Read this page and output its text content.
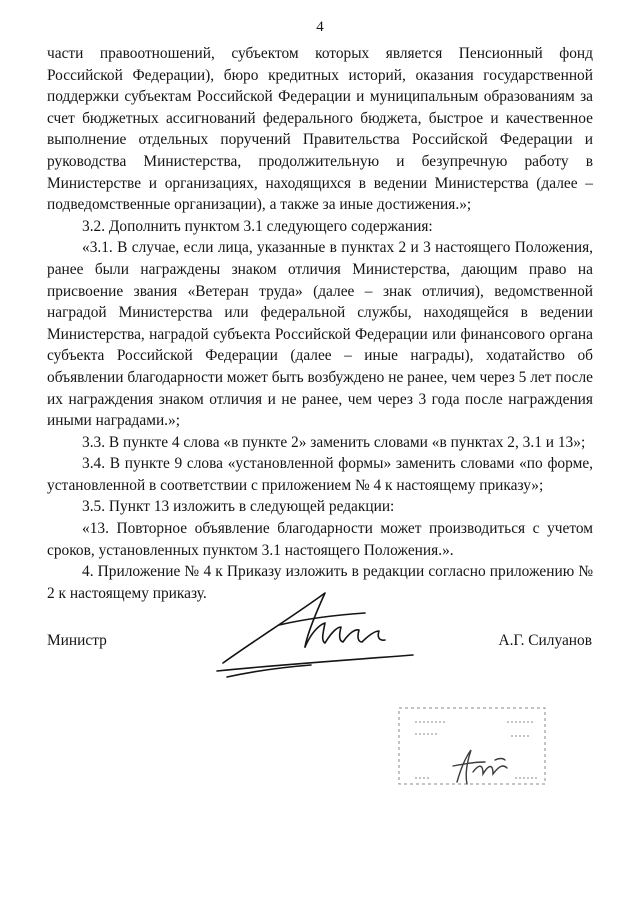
4

части правоотношений, субъектом которых является Пенсионный фонд Российской Федерации), бюро кредитных историй, оказания государственной поддержки субъектам Российской Федерации и муниципальным образованиям за счет бюджетных ассигнований федерального бюджета, быстрое и качественное выполнение отдельных поручений Правительства Российской Федерации и руководства Министерства, продолжительную и безупречную работу в Министерстве и организациях, находящихся в ведении Министерства (далее – подведомственные организации), а также за иные достижения.»;

3.2. Дополнить пунктом 3.1 следующего содержания:

«3.1. В случае, если лица, указанные в пунктах 2 и 3 настоящего Положения, ранее были награждены знаком отличия Министерства, дающим право на присвоение звания «Ветеран труда» (далее – знак отличия), ведомственной наградой Министерства или федеральной службы, находящейся в ведении Министерства, наградой субъекта Российской Федерации или финансового органа субъекта Российской Федерации (далее – иные награды), ходатайство об объявлении благодарности может быть возбуждено не ранее, чем через 5 лет после их награждения знаком отличия и не ранее, чем через 3 года после награждения иными наградами.»;

3.3. В пункте 4 слова «в пункте 2» заменить словами «в пунктах 2, 3.1 и 13»;

3.4. В пункте 9 слова «установленной формы» заменить словами «по форме, установленной в соответствии с приложением № 4 к настоящему приказу»;

3.5. Пункт 13 изложить в следующей редакции:

«13. Повторное объявление благодарности может производиться с учетом сроков, установленных пунктом 3.1 настоящего Положения.».

4. Приложение № 4 к Приказу изложить в редакции согласно приложению № 2 к настоящему приказу.

Министр	А.Г. Силуанов
